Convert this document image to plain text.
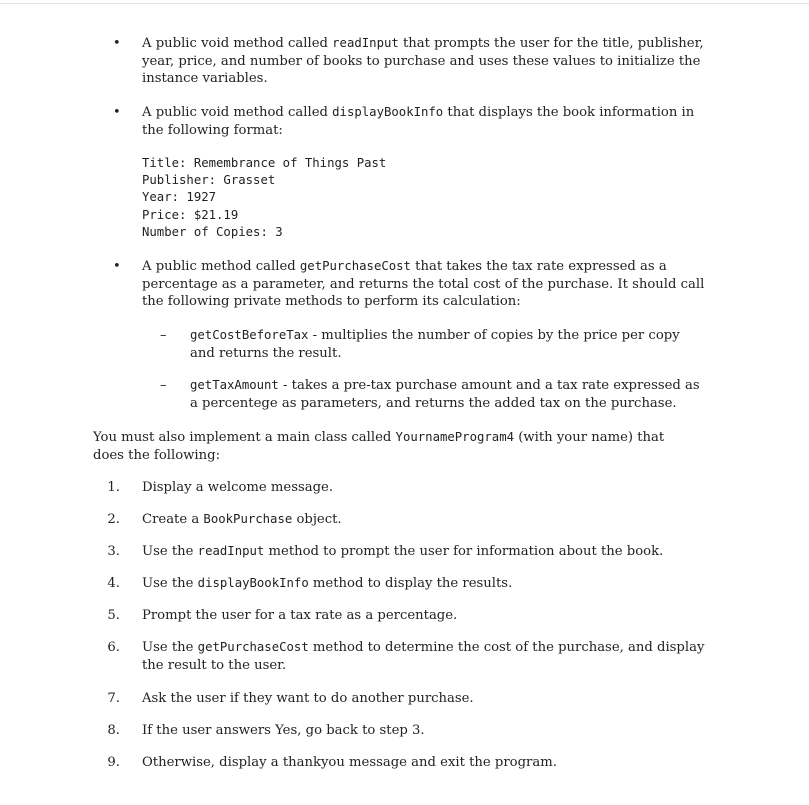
• A public void method called readInput that prompts the user for the title, publisher,
year, price, and number of books to purchase and uses these values to initialize the
instance variables.
• A public void method called displayBookInfo that displays the book information in
the following format:
Title: Remembrance of Things Past
Publisher: Grasset
Year: 1927
Price: $21.19
Number of Copies: 3
• A public method called getPurchaseCost that takes the tax rate expressed as a
percentage as a parameter, and returns the total cost of the purchase. It should call
the following private methods to perform its calculation:
– getCostBeforeTax - multiplies the number of copies by the price per copy
and returns the result.
– getTaxAmount - takes a pre-tax purchase amount and a tax rate expressed as
a percentege as parameters, and returns the added tax on the purchase.
You must also implement a main class called YournameProgram4 (with your name) that
does the following:
1. Display a welcome message.
2. Create a BookPurchase object.
3. Use the readInput method to prompt the user for information about the book.
4. Use the displayBookInfo method to display the results.
5. Prompt the user for a tax rate as a percentage.
6. Use the getPurchaseCost method to determine the cost of the purchase, and display
the result to the user.
7. Ask the user if they want to do another purchase.
8. If the user answers Yes, go back to step 3.
9. Otherwise, display a thankyou message and exit the program.
